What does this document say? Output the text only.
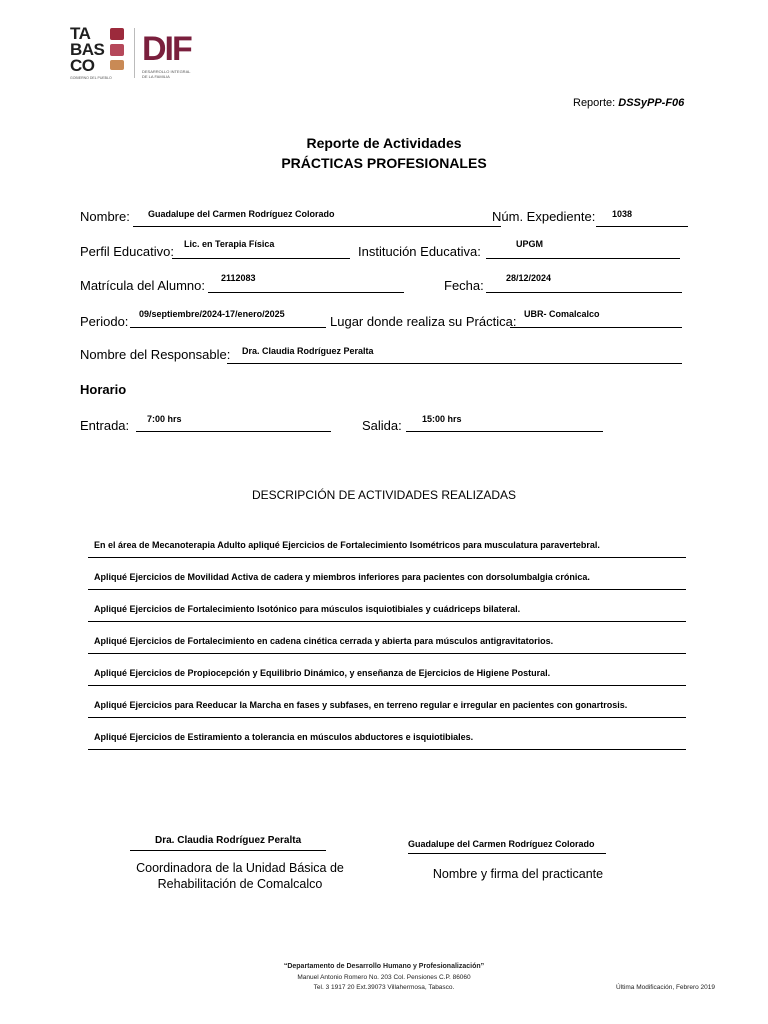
TA
BAS
CO
GOBIERNO DEL PUEBLO
DIF
DESARROLLO INTEGRAL DE LA FAMILIA
Reporte: DSSyPP-F06
Reporte de Actividades
PRÁCTICAS PROFESIONALES
Nombre: Guadalupe del Carmen Rodríguez Colorado	Núm. Expediente: 1038
Perfil Educativo: Lic. en Terapia Física	Institución Educativa:	UPGM
Matrícula del Alumno: 2112083	Fecha: 28/12/2024
Periodo: 09/septiembre/2024-17/enero/2025	Lugar donde realiza su Práctica: UBR- Comalcalco
Nombre del Responsable: Dra. Claudia Rodríguez Peralta
Horario
Entrada: 7:00 hrs	Salida: 15:00 hrs
DESCRIPCIÓN DE ACTIVIDADES REALIZADAS
En el área de Mecanoterapia Adulto apliqué Ejercicios de Fortalecimiento Isométricos para musculatura paravertebral.
Apliqué Ejercicios de Movilidad Activa de cadera y miembros inferiores para pacientes con dorsolumbalgia crónica.
Apliqué Ejercicios de Fortalecimiento Isotónico para músculos isquiotibiales y cuádriceps bilateral.
Apliqué Ejercicios de Fortalecimiento en cadena cinética cerrada y abierta para músculos antigravitatorios.
Apliqué Ejercicios de Propiocepción y Equilibrio Dinámico, y enseñanza de Ejercicios de Higiene Postural.
Apliqué Ejercicios para Reeducar la Marcha en fases y subfases, en terreno regular e irregular en pacientes con gonartrosis.
Apliqué Ejercicios de Estiramiento a tolerancia en músculos abductores e isquiotibiales.
Dra. Claudia Rodríguez Peralta
Coordinadora de la Unidad Básica de
Rehabilitación de Comalcalco
Guadalupe del Carmen Rodríguez Colorado
Nombre y firma del practicante
“Departamento de Desarrollo Humano y Profesionalización”
Manuel Antonio Romero No. 203 Col. Pensiones C.P. 86060
Tel. 3 1917 20 Ext.39073 Villahermosa, Tabasco.	Última Modificación, Febrero 2019
